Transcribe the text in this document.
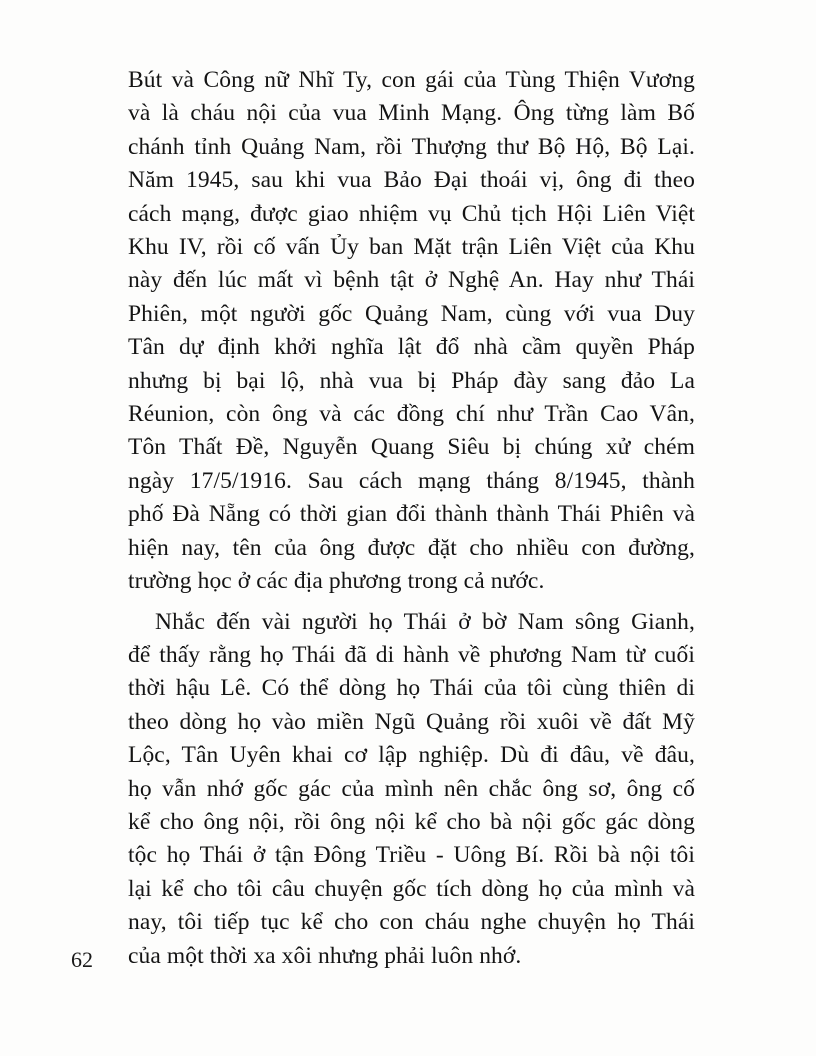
Bút và Công nữ Nhĩ Ty, con gái của Tùng Thiện Vương
và là cháu nội của vua Minh Mạng. Ông từng làm Bố
chánh tỉnh Quảng Nam, rồi Thượng thư Bộ Hộ, Bộ Lại.
Năm 1945, sau khi vua Bảo Đại thoái vị, ông đi theo
cách mạng, được giao nhiệm vụ Chủ tịch Hội Liên Việt
Khu IV, rồi cố vấn Ủy ban Mặt trận Liên Việt của Khu
này đến lúc mất vì bệnh tật ở Nghệ An. Hay như Thái
Phiên, một người gốc Quảng Nam, cùng với vua Duy
Tân dự định khởi nghĩa lật đổ nhà cầm quyền Pháp
nhưng bị bại lộ, nhà vua bị Pháp đày sang đảo La
Réunion, còn ông và các đồng chí như Trần Cao Vân,
Tôn Thất Đề, Nguyễn Quang Siêu bị chúng xử chém
ngày 17/5/1916. Sau cách mạng tháng 8/1945, thành
phố Đà Nẵng có thời gian đổi thành thành Thái Phiên và
hiện nay, tên của ông được đặt cho nhiều con đường,
trường học ở các địa phương trong cả nước.
Nhắc đến vài người họ Thái ở bờ Nam sông Gianh,
để thấy rằng họ Thái đã di hành về phương Nam từ cuối
thời hậu Lê. Có thể dòng họ Thái của tôi cùng thiên di
theo dòng họ vào miền Ngũ Quảng rồi xuôi về đất Mỹ
Lộc, Tân Uyên khai cơ lập nghiệp. Dù đi đâu, về đâu,
họ vẫn nhớ gốc gác của mình nên chắc ông sơ, ông cố
kể cho ông nội, rồi ông nội kể cho bà nội gốc gác dòng
tộc họ Thái ở tận Đông Triều - Uông Bí. Rồi bà nội tôi
lại kể cho tôi câu chuyện gốc tích dòng họ của mình và
nay, tôi tiếp tục kể cho con cháu nghe chuyện họ Thái
của một thời xa xôi nhưng phải luôn nhớ.
62
